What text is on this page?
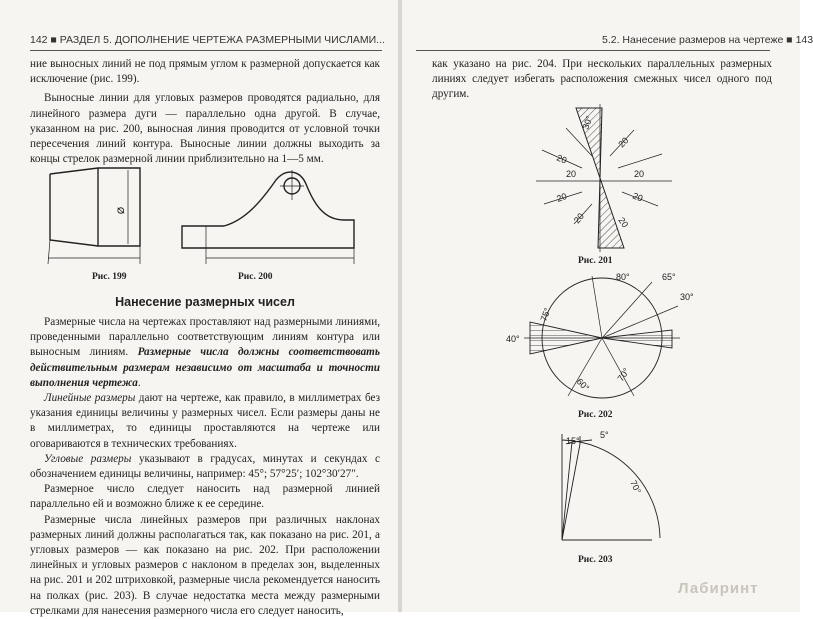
142 ■ РАЗДЕЛ 5. ДОПОЛНЕНИЕ ЧЕРТЕЖА РАЗМЕРНЫМИ ЧИСЛАМИ...

ние выносных линий не под прямым углом к размерной допускается как исключение (рис. 199).

Выносные линии для угловых размеров проводятся радиально, для линейного размера дуги — параллельно одна другой. В случае, указанном на рис. 200, выносная линия проводится от условной точки пересечения линий контура. Выносные линии должны выходить за концы стрелок размерной линии приблизительно на 1—5 мм.

Ø
Рис. 199	Рис. 200
Нанесение размерных чисел

Размерные числа на чертежах проставляют над размерными линиями, проведенными параллельно соответствующим линиям контура или выносным линиям. Размерные числа должны соответствовать действительным размерам независимо от масштаба и точности выполнения чертежа.

Линейные размеры дают на чертеже, как правило, в миллиметрах без указания единицы величины у размерных чисел. Если размеры даны не в миллиметрах, то единицы проставляются на чертеже или оговариваются в технических требованиях.

Угловые размеры указывают в градусах, минутах и секундах с обозначением единицы величины, например: 45°; 57°25′; 102°30′27″.

Размерное число следует наносить над размерной линией параллельно ей и возможно ближе к ее середине.

Размерные числа линейных размеров при различных наклонах размерных линий должны располагаться так, как показано на рис. 201, а угловых размеров — как показано на рис. 202. При расположении линейных и угловых размеров с наклоном в пределах зон, выделенных на рис. 201 и 202 штриховкой, размерные числа рекомендуется наносить на полках (рис. 203). В случае недостатка места между размерными стрелками для нанесения размерного числа его следует наносить,

5.2. Нанесение размеров на чертеже ■ 143

как указано на рис. 204. При нескольких параллельных размерных линиях следует избегать расположения смежных чисел одного под другим.

30°
20
20
20
20
20
20
20
20
Рис. 201
80°	65°
30°
75°
40°
60°
70°
Рис. 202
15°
5°
70°
Рис. 203
Лабиринт
